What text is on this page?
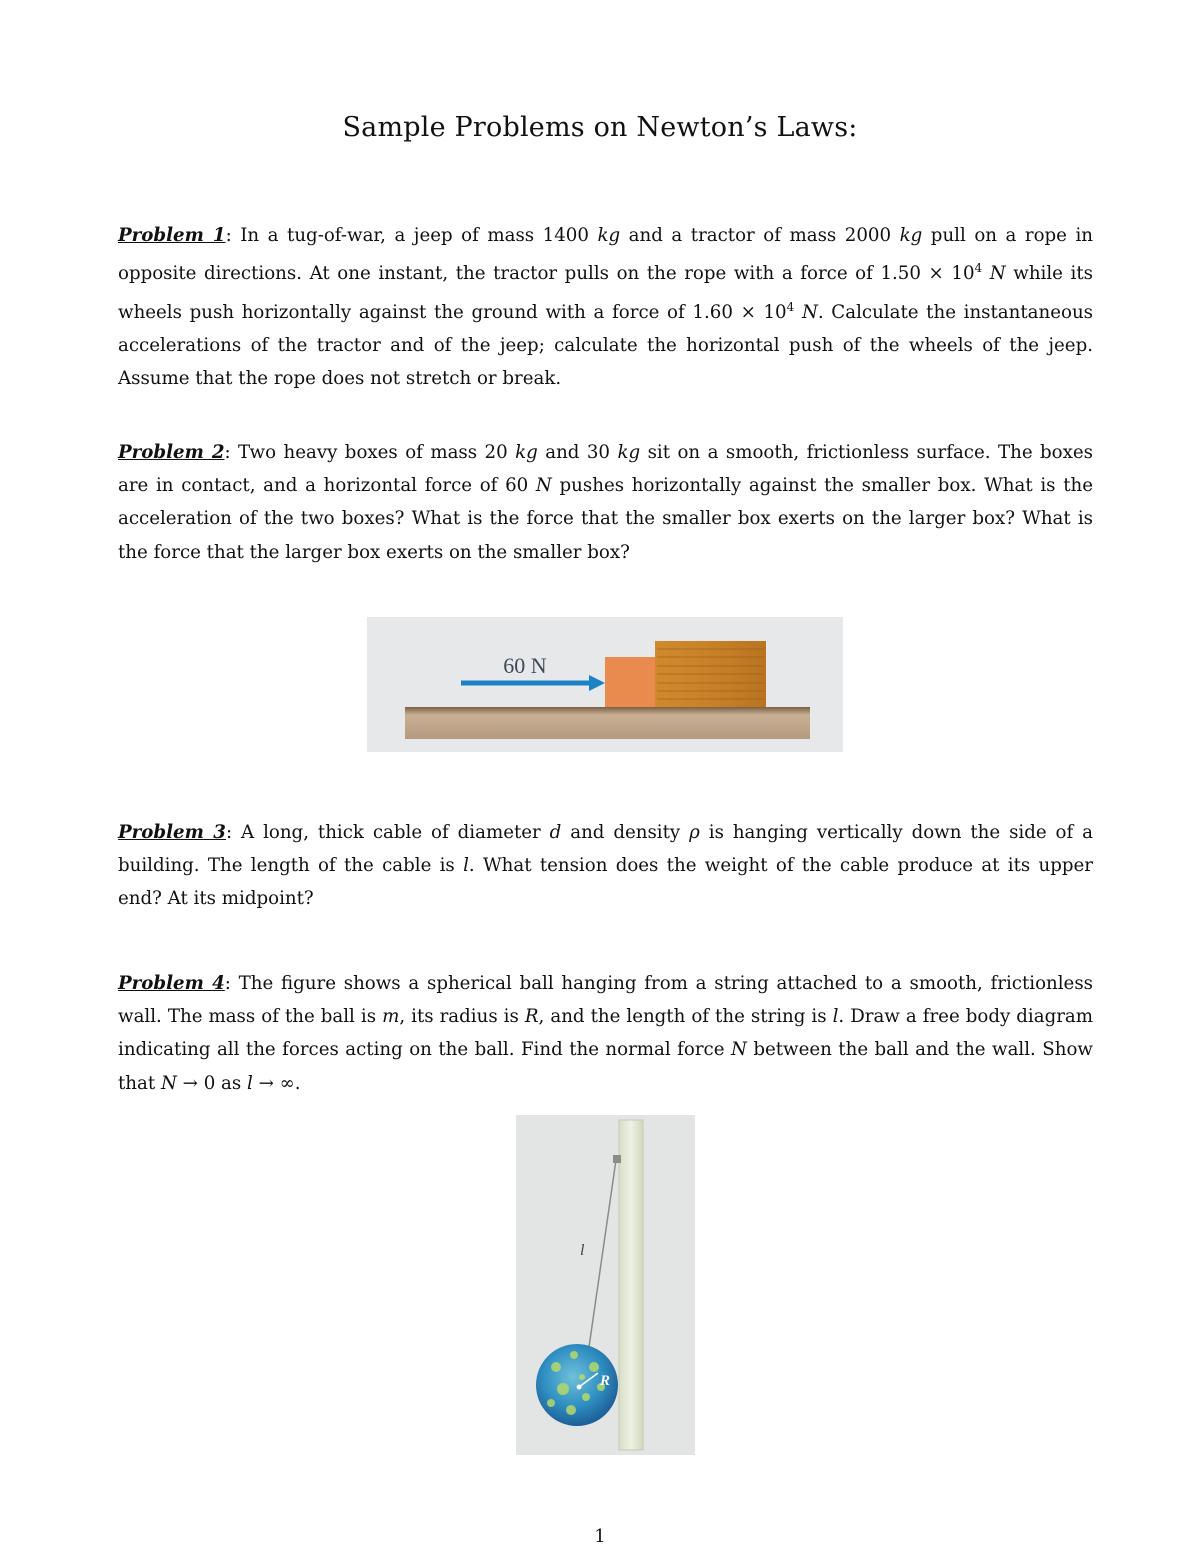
Sample Problems on Newton’s Laws:
Problem 1: In a tug-of-war, a jeep of mass 1400 kg and a tractor of mass 2000 kg pull on a rope in opposite directions. At one instant, the tractor pulls on the rope with a force of $1.50 \times 10^4$ N while its wheels push horizontally against the ground with a force of $1.60 \times 10^4$ N. Calculate the instantaneous accelerations of the tractor and of the jeep; calculate the horizontal push of the wheels of the jeep. Assume that the rope does not stretch or break.
Problem 2: Two heavy boxes of mass 20 kg and 30 kg sit on a smooth, frictionless surface. The boxes are in contact, and a horizontal force of 60 N pushes horizontally against the smaller box. What is the acceleration of the two boxes? What is the force that the smaller box exerts on the larger box? What is the force that the larger box exerts on the smaller box?
60 N
Problem 3: A long, thick cable of diameter d and density ρ is hanging vertically down the side of a building. The length of the cable is l. What tension does the weight of the cable produce at its upper end? At its midpoint?
Problem 4: The figure shows a spherical ball hanging from a string attached to a smooth, frictionless wall. The mass of the ball is m, its radius is R, and the length of the string is l. Draw a free body diagram indicating all the forces acting on the ball. Find the normal force N between the ball and the wall. Show that N → 0 as l → ∞.
R
l
1
